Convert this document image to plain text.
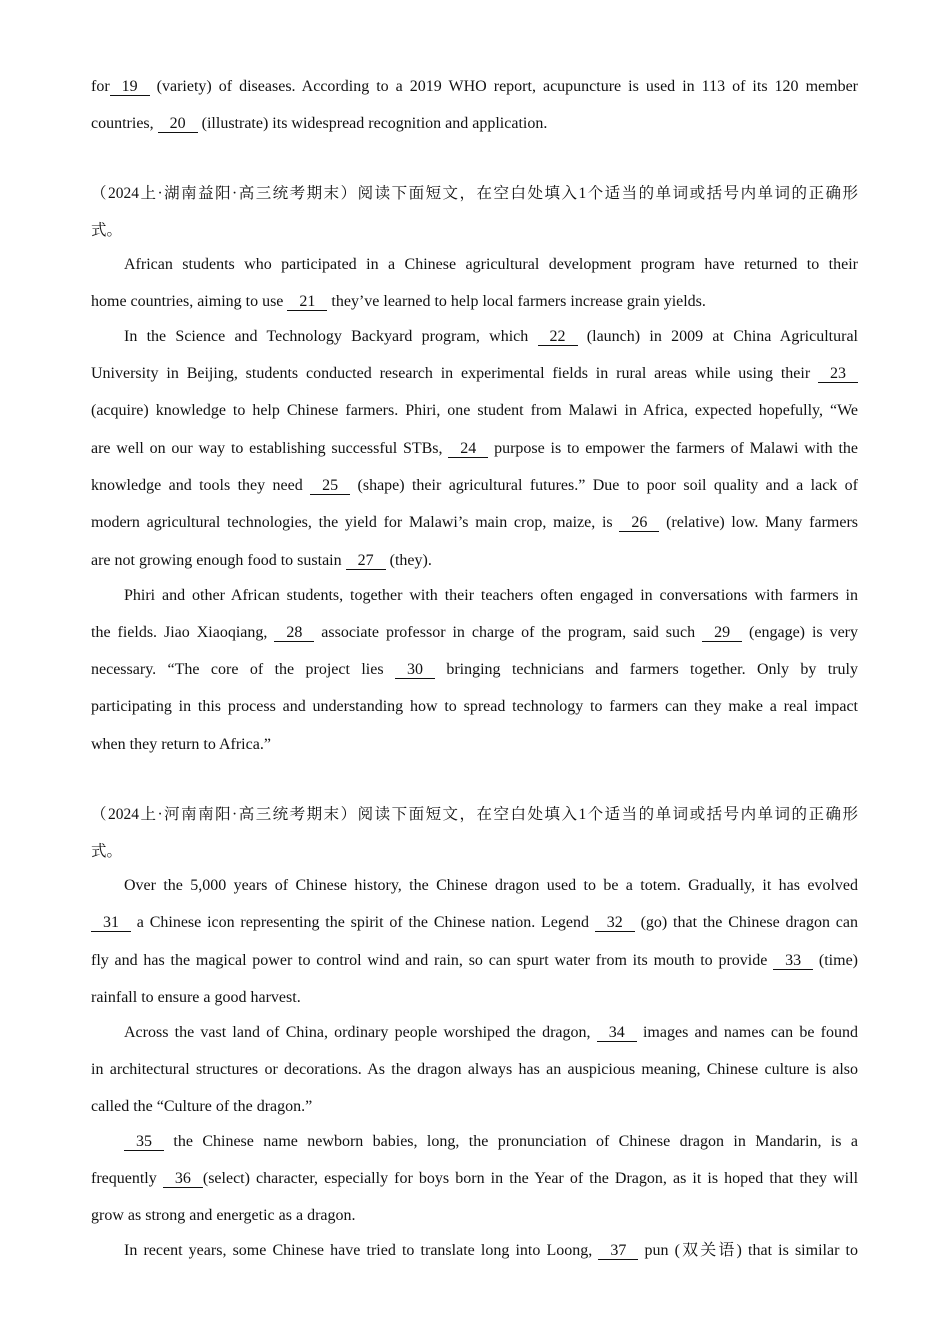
for 19 (variety) of diseases. According to a 2019 WHO report, acupuncture is used in 113 of its 120 member
countries, 20 (illustrate) its widespread recognition and application.
（2024上·湖南益阳·高三统考期末）阅读下面短文，在空白处填入1个适当的单词或括号内单词的正确形
式。
African students who participated in a Chinese agricultural development program have returned to their
home countries, aiming to use 21 they’ve learned to help local farmers increase grain yields.
In the Science and Technology Backyard program, which 22 (launch) in 2009 at China Agricultural
University in Beijing, students conducted research in experimental fields in rural areas while using their 23
(acquire) knowledge to help Chinese farmers. Phiri, one student from Malawi in Africa, expected hopefully, “We
are well on our way to establishing successful STBs, 24 purpose is to empower the farmers of Malawi with the
knowledge and tools they need 25 (shape) their agricultural futures.” Due to poor soil quality and a lack of
modern agricultural technologies, the yield for Malawi’s main crop, maize, is 26 (relative) low. Many farmers
are not growing enough food to sustain 27 (they).
Phiri and other African students, together with their teachers often engaged in conversations with farmers in
the fields. Jiao Xiaoqiang, 28 associate professor in charge of the program, said such 29 (engage) is very
necessary. “The core of the project lies 30 bringing technicians and farmers together. Only by truly
participating in this process and understanding how to spread technology to farmers can they make a real impact
when they return to Africa.”
（2024上·河南南阳·高三统考期末）阅读下面短文，在空白处填入1个适当的单词或括号内单词的正确形
式。
Over the 5,000 years of Chinese history, the Chinese dragon used to be a totem. Gradually, it has evolved
31 a Chinese icon representing the spirit of the Chinese nation. Legend 32 (go) that the Chinese dragon can
fly and has the magical power to control wind and rain, so can spurt water from its mouth to provide 33 (time)
rainfall to ensure a good harvest.
Across the vast land of China, ordinary people worshiped the dragon, 34 images and names can be found
in architectural structures or decorations. As the dragon always has an auspicious meaning, Chinese culture is also
called the “Culture of the dragon.”
35 the Chinese name newborn babies, long, the pronunciation of Chinese dragon in Mandarin, is a
frequently 36 (select) character, especially for boys born in the Year of the Dragon, as it is hoped that they will
grow as strong and energetic as a dragon.
In recent years, some Chinese have tried to translate long into Loong, 37 pun (双关语) that is similar to
